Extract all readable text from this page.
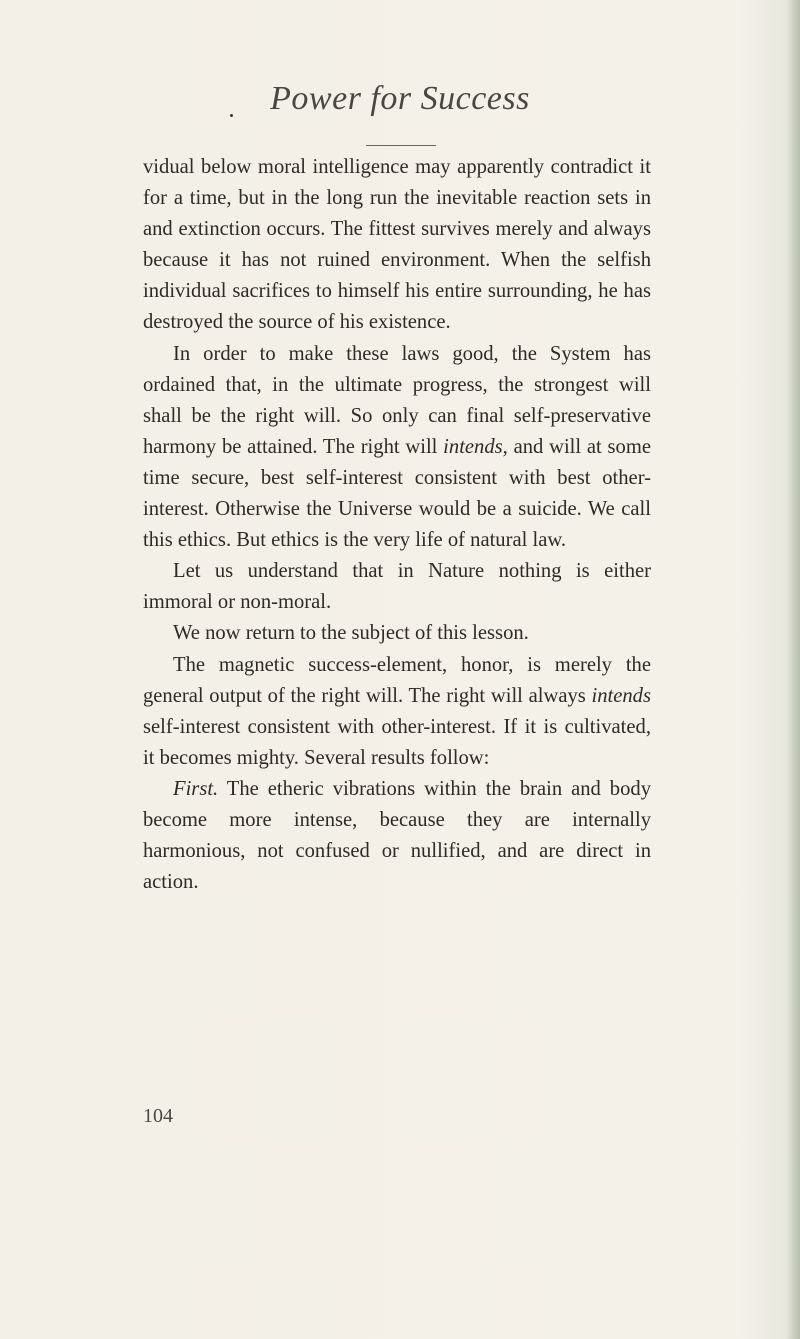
Power for Success

vidual below moral intelligence may apparently contradict it for a time, but in the long run the inevitable reaction sets in and extinction occurs. The fittest survives merely and always because it has not ruined environment. When the selfish individual sacrifices to himself his entire surrounding, he has destroyed the source of his existence.

In order to make these laws good, the System has ordained that, in the ultimate progress, the strongest will shall be the right will. So only can final self-preservative harmony be attained. The right will intends, and will at some time secure, best self-interest consistent with best other-interest. Otherwise the Universe would be a suicide. We call this ethics. But ethics is the very life of natural law.

Let us understand that in Nature nothing is either immoral or non-moral.

We now return to the subject of this lesson.

The magnetic success-element, honor, is merely the general output of the right will. The right will always intends self-interest consistent with other-interest. If it is cultivated, it becomes mighty. Several results follow:

First. The etheric vibrations within the brain and body become more intense, because they are internally harmonious, not confused or nullified, and are direct in action.

104
